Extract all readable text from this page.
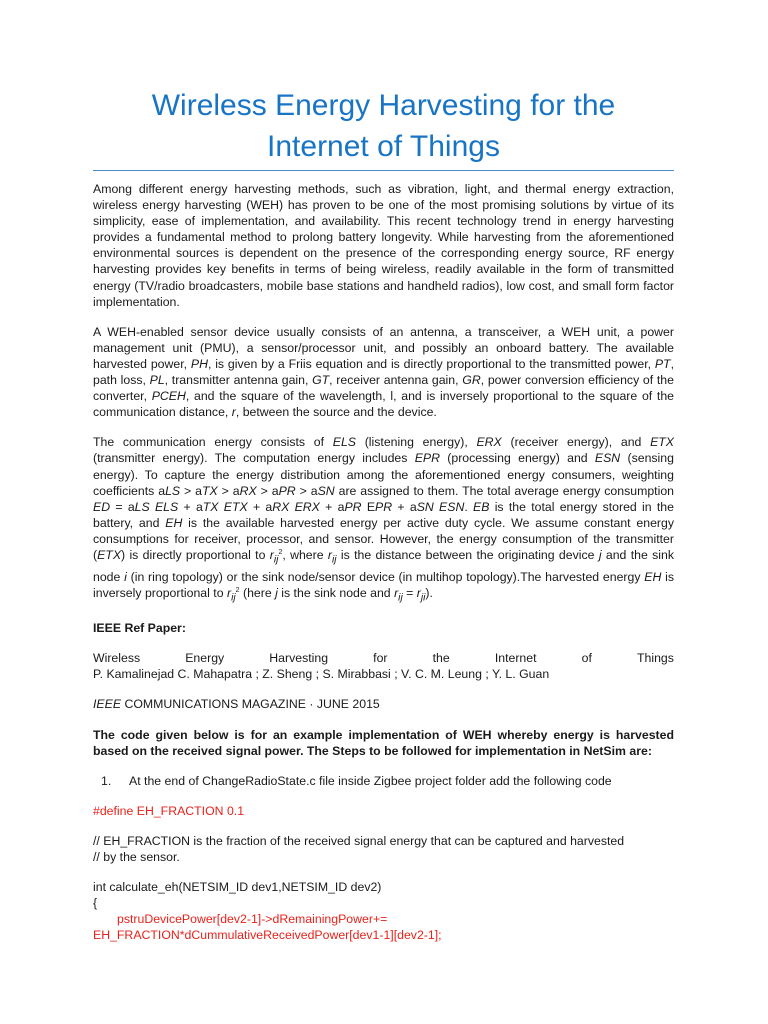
Wireless Energy Harvesting for the
Internet of Things

Among different energy harvesting methods, such as vibration, light, and thermal energy extraction, wireless energy harvesting (WEH) has proven to be one of the most promising solutions by virtue of its simplicity, ease of implementation, and availability. This recent technology trend in energy harvesting provides a fundamental method to prolong battery longevity. While harvesting from the aforementioned environmental sources is dependent on the presence of the corresponding energy source, RF energy harvesting provides key benefits in terms of being wireless, readily available in the form of transmitted energy (TV/radio broadcasters, mobile base stations and handheld radios), low cost, and small form factor implementation.

A WEH-enabled sensor device usually consists of an antenna, a transceiver, a WEH unit, a power management unit (PMU), a sensor/processor unit, and possibly an onboard battery. The available harvested power, PH, is given by a Friis equation and is directly proportional to the transmitted power, PT, path loss, PL, transmitter antenna gain, GT, receiver antenna gain, GR, power conversion efficiency of the converter, PCEH, and the square of the wavelength, l, and is inversely proportional to the square of the communication distance, r, between the source and the device.

The communication energy consists of ELS (listening energy), ERX (receiver energy), and ETX (transmitter energy). The computation energy includes EPR (processing energy) and ESN (sensing energy). To capture the energy distribution among the aforementioned energy consumers, weighting coefficients aLS > aTX > aRX > aPR > aSN are assigned to them. The total average energy consumption ED = aLS ELS + aTX ETX + aRX ERX + aPR EPR + aSN ESN. EB is the total energy stored in the battery, and EH is the available harvested energy per active duty cycle. We assume constant energy consumptions for receiver, processor, and sensor. However, the energy consumption of the transmitter (ETX) is directly proportional to $r_{ij}^2$, where $r_{ij}$ is the distance between the originating device j and the sink node i (in ring topology) or the sink node/sensor device (in multihop topology).The harvested energy EH is inversely proportional to $r_{ij}^2$ (here j is the sink node and $r_{ij} = r_{ji}$).

IEEE Ref Paper:

Wireless	Energy	Harvesting	for	the	Internet	of	Things

P. Kamalinejad C. Mahapatra ; Z. Sheng ; S. Mirabbasi ; V. C. M. Leung ; Y. L. Guan

IEEE COMMUNICATIONS MAGAZINE · JUNE 2015

The code given below is for an example implementation of WEH whereby energy is harvested based on the received signal power. The Steps to be followed for implementation in NetSim are:

1.	At the end of ChangeRadioState.c file inside Zigbee project folder add the following code

#define EH_FRACTION 0.1

// EH_FRACTION is the fraction of the received signal energy that can be captured and harvested

// by the sensor.

int calculate_eh(NETSIM_ID dev1,NETSIM_ID dev2)

{

pstruDevicePower[dev2-1]->dRemainingPower+=

EH_FRACTION*dCummulativeReceivedPower[dev1-1][dev2-1];
